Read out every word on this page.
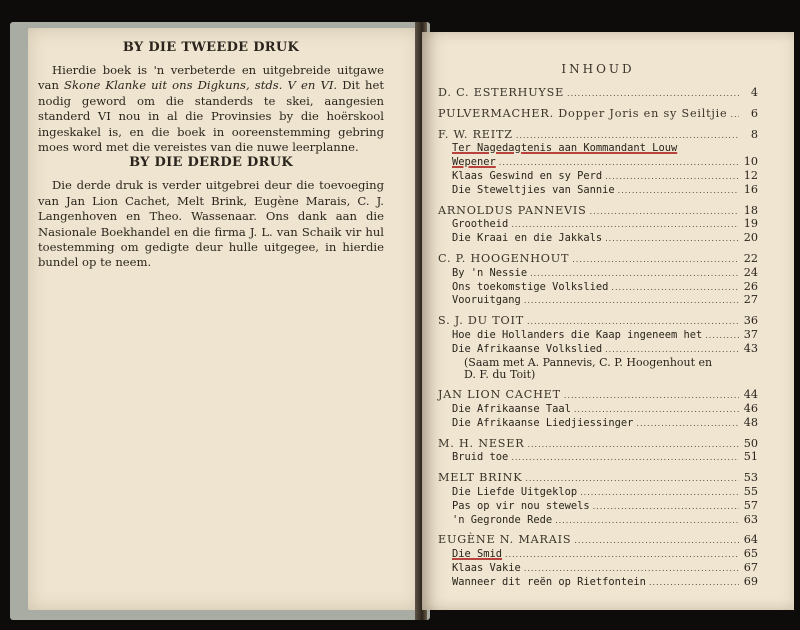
BY DIE TWEEDE DRUK

Hierdie boek is 'n verbeterde en uitgebreide uitgawe van Skone Klanke uit ons Digkuns, stds. V en VI. Dit het nodig geword om die standerds te skei, aangesien standerd VI nou in al die Provinsies by die hoërskool ingeskakel is, en die boek in ooreenstemming gebring moes word met die vereistes van die nuwe leerplanne.

BY DIE DERDE DRUK

Die derde druk is verder uitgebrei deur die toevoeging van Jan Lion Cachet, Melt Brink, Eugène Marais, C. J. Langenhoven en Theo. Wassenaar. Ons dank aan die Nasionale Boekhandel en die firma J. L. van Schaik vir hul toestemming om gedigte deur hulle uitgegee, in hierdie bundel op te neem.

INHOUD
D. C. ESTERHUYSE .....	4
PULVERMACHER. Dopper Joris en sy Seiltjie .....	6
F. W. REITZ .....	8
Ter Nagedagtenis aan Kommandant Louw
Wepener .....	10
Klaas Geswind en sy Perd .....	12
Die Steweltjies van Sannie .....	16
ARNOLDUS PANNEVIS .....	18
Grootheid .....	19
Die Kraai en die Jakkals .....	20
C. P. HOOGENHOUT .....	22
By 'n Nessie .....	24
Ons toekomstige Volkslied .....	26
Vooruitgang .....	27
S. J. DU TOIT .....	36
Hoe die Hollanders die Kaap ingeneem het .....	37
Die Afrikaanse Volkslied .....	43
(Saam met A. Pannevis, C. P. Hoogenhout en
D. F. du Toit)
JAN LION CACHET .....	44
Die Afrikaanse Taal .....	46
Die Afrikaanse Liedjiessinger .....	48
M. H. NESER .....	50
Bruid toe .....	51
MELT BRINK .....	53
Die Liefde Uitgeklop .....	55
Pas op vir nou stewels .....	57
'n Gegronde Rede .....	63
EUGÈNE N. MARAIS .....	64
Die Smid .....	65
Klaas Vakie .....	67
Wanneer dit reën op Rietfontein .....	69
